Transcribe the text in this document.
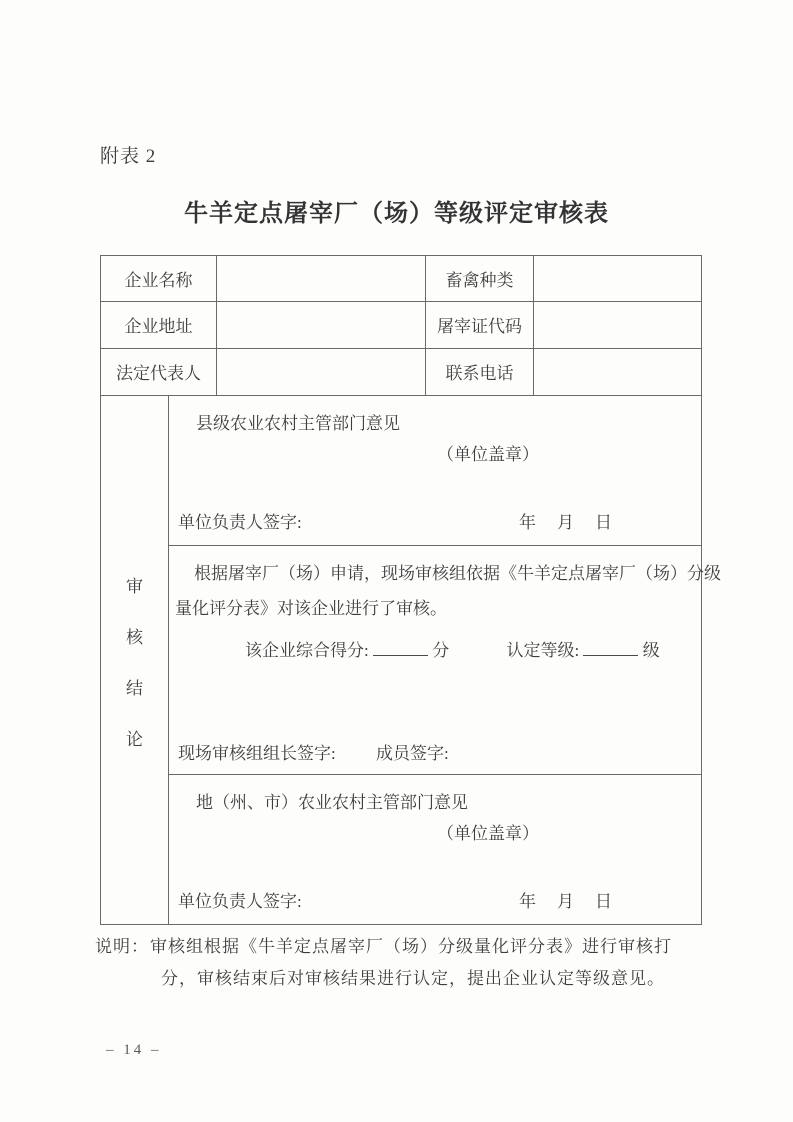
附表 2
牛羊定点屠宰厂（场）等级评定审核表
企业名称	畜禽种类
企业地址	屠宰证代码
法定代表人	联系电话
审
核
结
论
县级农业农村主管部门意见
（单位盖章）
单位负责人签字:	年　月　日
根据屠宰厂（场）申请，现场审核组依据《牛羊定点屠宰厂（场）分级
量化评分表》对该企业进行了审核。
该企业综合得分:	分	认定等级:	级
现场审核组组长签字: 成员签字:
地（州、市）农业农村主管部门意见
（单位盖章）
单位负责人签字:	年　月　日
说明： 审核组根据《牛羊定点屠宰厂（场）分级量化评分表》进行审核打
分，审核结束后对审核结果进行认定，提出企业认定等级意见。
– 14 –
